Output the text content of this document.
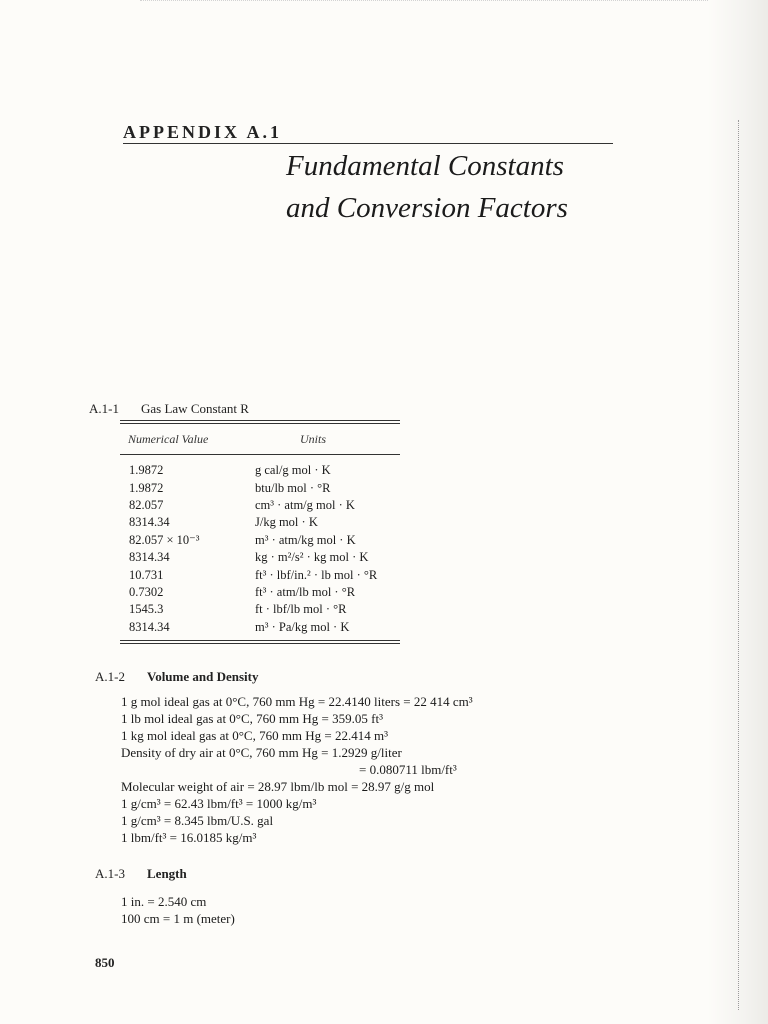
APPENDIX A.1
Fundamental Constants
and Conversion Factors
A.1-1 Gas Law Constant R
Numerical Value	Units
1.9872	g cal/g mol · K
1.9872	btu/lb mol · °R
82.057	cm³ · atm/g mol · K
8314.34	J/kg mol · K
82.057 × 10⁻³	m³ · atm/kg mol · K
8314.34	kg · m²/s² · kg mol · K
10.731	ft³ · lbf/in.² · lb mol · °R
0.7302	ft³ · atm/lb mol · °R
1545.3	ft · lbf/lb mol · °R
8314.34	m³ · Pa/kg mol · K
A.1-2 Volume and Density
1 g mol ideal gas at 0°C, 760 mm Hg = 22.4140 liters = 22 414 cm³
1 lb mol ideal gas at 0°C, 760 mm Hg = 359.05 ft³
1 kg mol ideal gas at 0°C, 760 mm Hg = 22.414 m³
Density of dry air at 0°C, 760 mm Hg = 1.2929 g/liter
= 0.080711 lbm/ft³
Molecular weight of air = 28.97 lbm/lb mol = 28.97 g/g mol
1 g/cm³ = 62.43 lbm/ft³ = 1000 kg/m³
1 g/cm³ = 8.345 lbm/U.S. gal
1 lbm/ft³ = 16.0185 kg/m³
A.1-3 Length
1 in. = 2.540 cm
100 cm = 1 m (meter)
850
